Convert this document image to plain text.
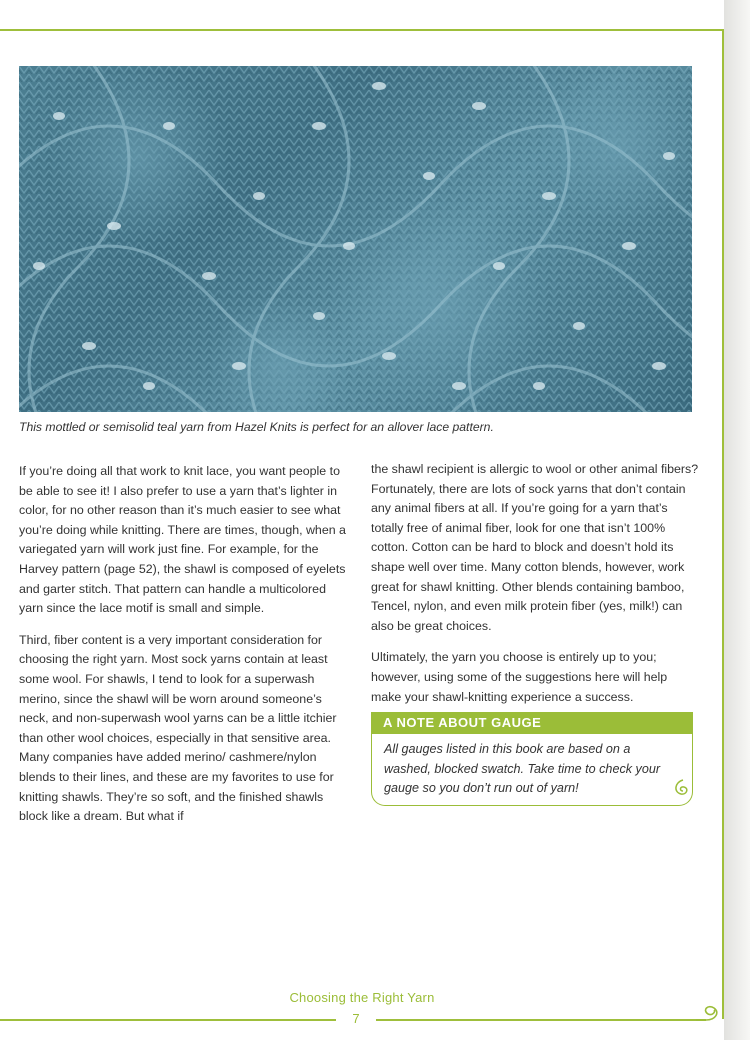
This mottled or semisolid teal yarn from Hazel Knits is perfect for an allover lace pattern.

If you’re doing all that work to knit lace, you want people to be able to see it! I also prefer to use a yarn that’s lighter in color, for no other reason than it’s much easier to see what you’re doing while knitting. There are times, though, when a variegated yarn will work just fine. For example, for the Harvey pattern (page 52), the shawl is composed of eyelets and garter stitch. That pattern can handle a multicolored yarn since the lace motif is small and simple.

Third, fiber content is a very important consideration for choosing the right yarn. Most sock yarns contain at least some wool. For shawls, I tend to look for a superwash merino, since the shawl will be worn around someone’s neck, and non-superwash wool yarns can be a little itchier than other wool choices, especially in that sensitive area. Many companies have added merino/ cashmere/nylon blends to their lines, and these are my favorites to use for knitting shawls. They’re so soft, and the finished shawls block like a dream. But what if

the shawl recipient is allergic to wool or other animal fibers? Fortunately, there are lots of sock yarns that don’t contain any animal fibers at all. If you’re going for a yarn that’s totally free of animal fiber, look for one that isn’t 100% cotton. Cotton can be hard to block and doesn’t hold its shape well over time. Many cotton blends, however, work great for shawl knitting. Other blends containing bamboo, Tencel, nylon, and even milk protein fiber (yes, milk!) can also be great choices.

Ultimately, the yarn you choose is entirely up to you; however, using some of the suggestions here will help make your shawl-knitting experience a success.

A NOTE ABOUT GAUGE
All gauges listed in this book are based on a washed, blocked swatch. Take time to check your gauge so you don’t run out of yarn!
Choosing the Right Yarn
7
